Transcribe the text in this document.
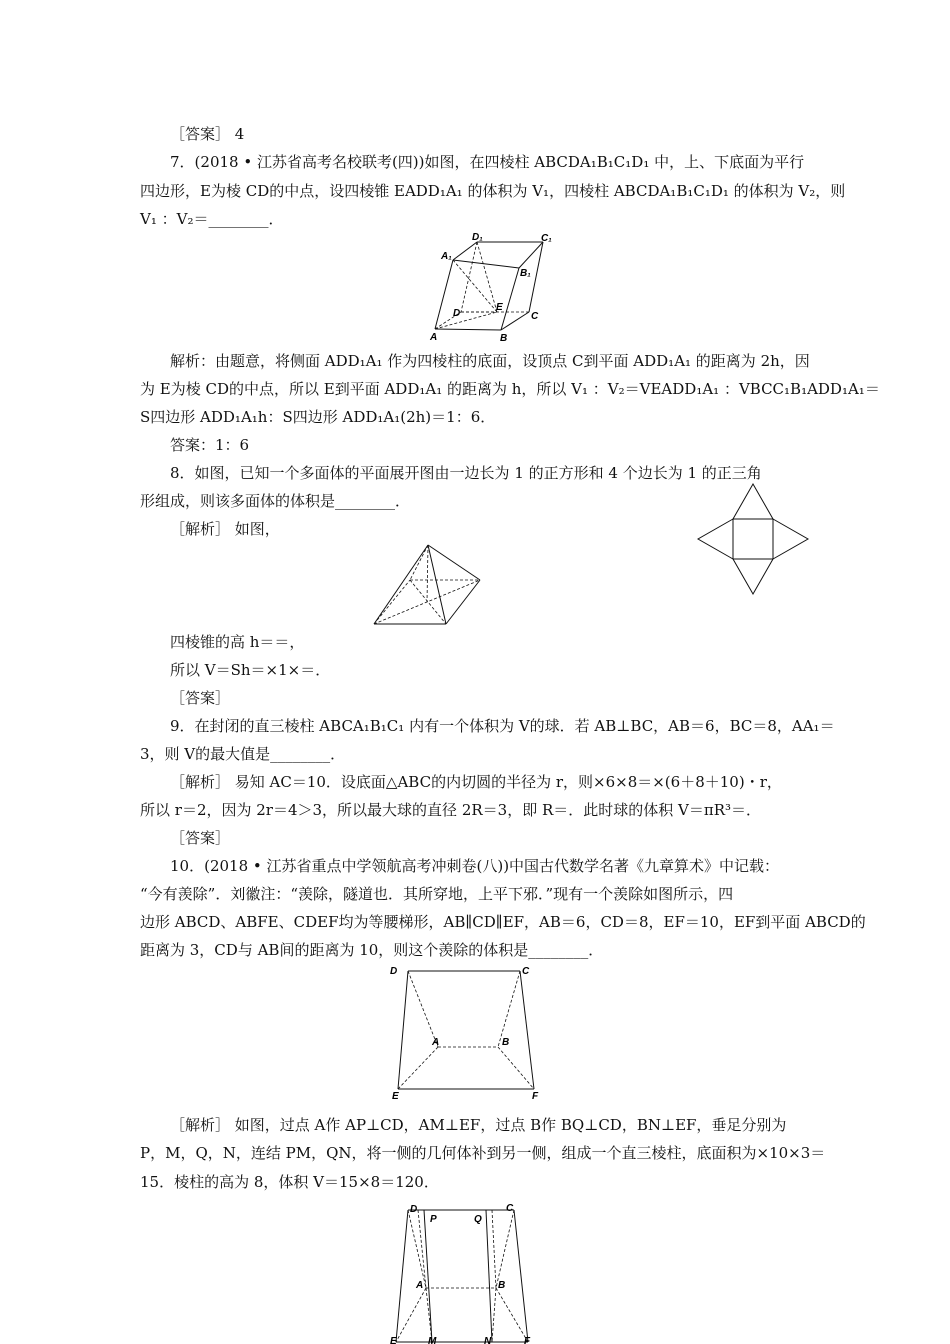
［答案］ 4
7．(2018 • 江苏省高考名校联考(四))如图，在四棱柱 ABCDA₁B₁C₁D₁ 中，上、下底面为平行
四边形，E为棱 CD的中点，设四棱锥 EADD₁A₁ 的体积为 V₁，四棱柱 ABCDA₁B₁C₁D₁ 的体积为 V₂，则
V₁ ：V₂＝________．
A₁
D₁	C₁
B₁
D
E
C
A	B
解析：由题意，将侧面 ADD₁A₁ 作为四棱柱的底面，设顶点 C到平面 ADD₁A₁ 的距离为 2h，因
为 E为棱 CD的中点，所以 E到平面 ADD₁A₁ 的距离为 h，所以 V₁ ：V₂＝VEADD₁A₁ ：VBCC₁B₁ADD₁A₁＝
S四边形 ADD₁A₁h：S四边形 ADD₁A₁(2h)＝1：6．
答案：1：6
8．如图，已知一个多面体的平面展开图由一边长为 1 的正方形和 4 个边长为 1 的正三角
形组成，则该多面体的体积是________．
［解析］ 如图，
四棱锥的高 h＝＝，
所以 V＝Sh＝×1×＝．
［答案］
9．在封闭的直三棱柱 ABCA₁B₁C₁ 内有一个体积为 V的球．若 AB⊥BC，AB＝6，BC＝8，AA₁＝
3，则 V的最大值是________．
［解析］ 易知 AC＝10．设底面△ABC的内切圆的半径为 r，则×6×8＝×(6＋8＋10)・r，
所以 r＝2，因为 2r＝4＞3，所以最大球的直径 2R＝3，即 R＝．此时球的体积 V＝πR³＝．
［答案］
10．(2018 • 江苏省重点中学领航高考冲刺卷(八))中国古代数学名著《九章算术》中记载：
“今有羡除”．刘徽注：“羡除，隧道也．其所穿地，上平下邪．”现有一个羡除如图所示，四
边形 ABCD、ABFE、CDEF均为等腰梯形，AB∥CD∥EF，AB＝6，CD＝8，EF＝10，EF到平面 ABCD的
距离为 3，CD与 AB间的距离为 10，则这个羡除的体积是________．
D	C
A	B
E	F
［解析］ 如图，过点 A作 AP⊥CD，AM⊥EF，过点 B作 BQ⊥CD，BN⊥EF，垂足分别为
P，M，Q，N，连结 PM，QN，将一侧的几何体补到另一侧，组成一个直三棱柱，底面积为×10×3＝
15．棱柱的高为 8，体积 V＝15×8＝120．
D
P	Q
C
A	B
E	M	N	F
